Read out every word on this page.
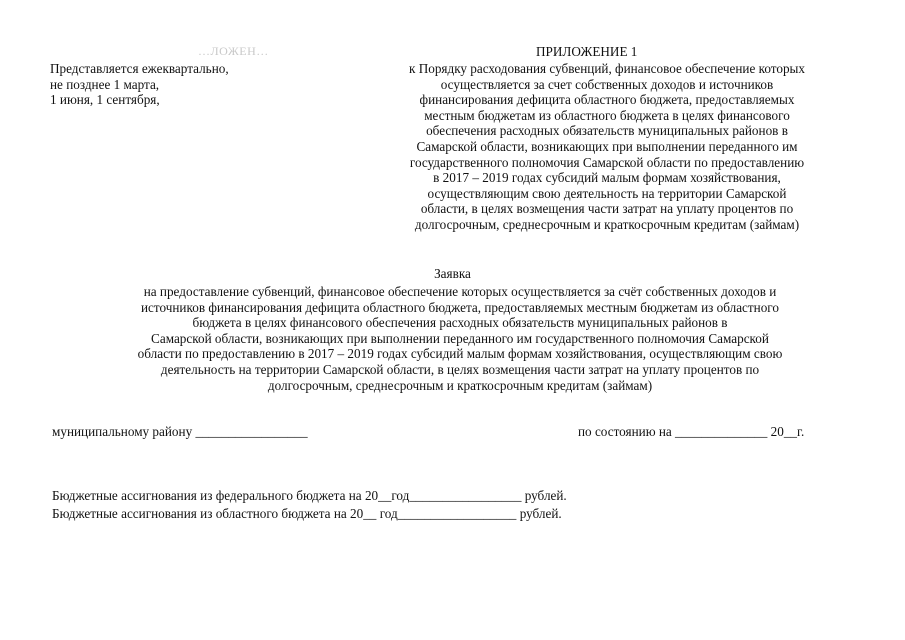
…ЛОЖЕН…
Представляется ежеквартально,
не позднее 1 марта,
1 июня, 1 сентября,
ПРИЛОЖЕНИЕ 1
к Порядку расходования субвенций, финансовое обеспечение которых
осуществляется за счет собственных доходов и источников
финансирования дефицита областного бюджета, предоставляемых
местным бюджетам из областного бюджета в целях финансового
обеспечения расходных обязательств муниципальных районов в
Самарской области, возникающих при выполнении переданного им
государственного полномочия Самарской области по предоставлению
в 2017 – 2019 годах субсидий малым формам хозяйствования,
осуществляющим свою деятельность на территории Самарской
области, в целях возмещения части затрат на уплату процентов по
долгосрочным, среднесрочным и краткосрочным кредитам (займам)
Заявка
на предоставление субвенций, финансовое обеспечение которых осуществляется за счёт собственных доходов и
источников финансирования дефицита областного бюджета, предоставляемых местным бюджетам из областного
бюджета в целях финансового обеспечения расходных обязательств муниципальных районов в
Самарской области, возникающих при выполнении переданного им государственного полномочия Самарской
области по предоставлению в 2017 – 2019 годах субсидий малым формам хозяйствования, осуществляющим свою
деятельность на территории Самарской области, в целях возмещения части затрат на уплату процентов по
долгосрочным, среднесрочным и краткосрочным кредитам (займам)
муниципальному району _________________	по состоянию на ______________ 20__г.
Бюджетные ассигнования из федерального бюджета на 20__год_________________ рублей.
Бюджетные ассигнования из областного бюджета на 20__ год__________________ рублей.
